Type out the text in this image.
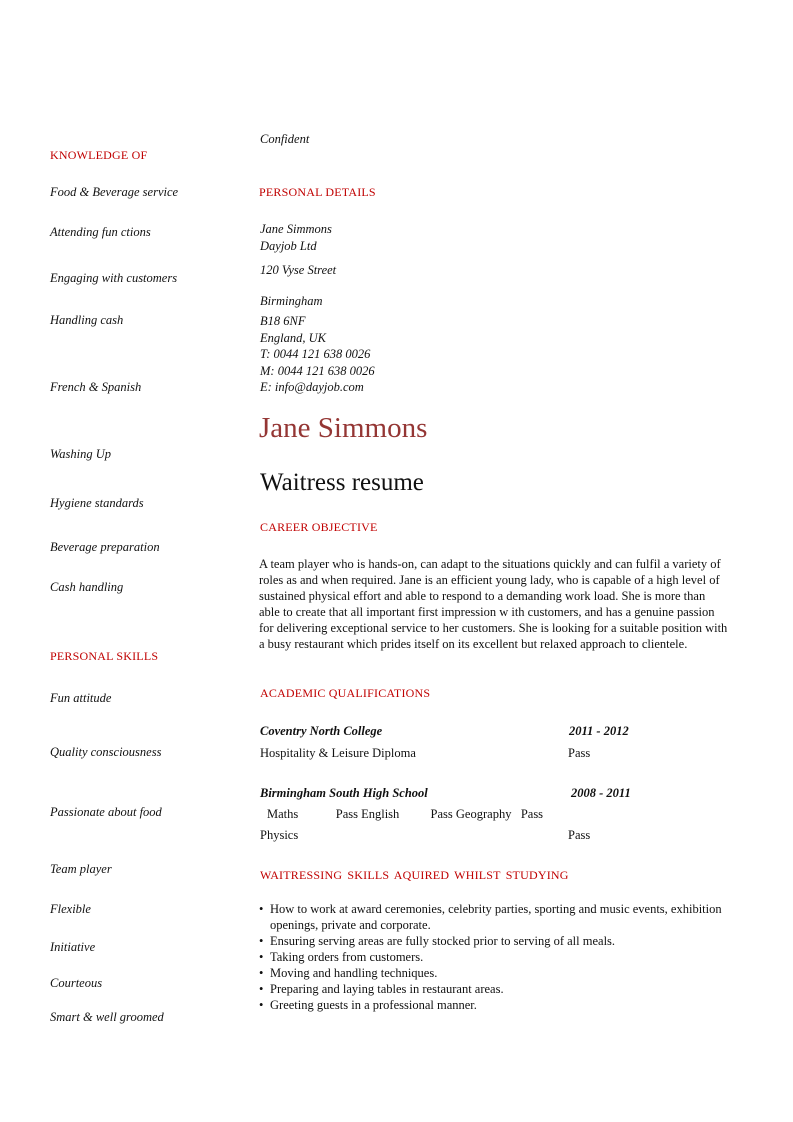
KNOWLEDGE OF
Food & Beverage service
Attending fun ctions
Engaging with customers
Handling cash
French & Spanish
Washing Up
Hygiene standards
Beverage preparation
Cash handling
PERSONAL SKILLS
Fun attitude
Quality consciousness
Passionate about food
Team player
Flexible
Initiative
Courteous
Smart & well groomed
Confident
PERSONAL DETAILS
Jane Simmons
Dayjob Ltd
120 Vyse Street
Birmingham
B18 6NF
England, UK
T: 0044 121 638 0026
M: 0044 121 638 0026
E: info@dayjob.com
Jane Simmons
Waitress resume
CAREER OBJECTIVE
A team player who is hands-on, can adapt to the situations quickly and can fulfil a variety of roles as and when required. Jane is an efficient young lady, who is capable of a high level of sustained physical effort and able to respond to a demanding work load. She is more than able to create that all important first impression w ith customers, and has a genuine passion for delivering exceptional service to her customers. She is looking for a suitable position with a busy restaurant which prides itself on its excellent but relaxed approach to clientele.
ACADEMIC QUALIFICATIONS
Coventry North College	2011 - 2012
Hospitality & Leisure Diploma	Pass
Birmingham South High School	2008 - 2011
Maths            Pass English          Pass Geography   Pass
Physics	Pass
WAITRESSING SKILLS AQUIRED WHILST STUDYING
• How to work at award ceremonies, celebrity parties, sporting and music events, exhibition openings, private and corporate.
• Ensuring serving areas are fully stocked prior to serving of all meals.
• Taking orders from customers.
• Moving and handling techniques.
• Preparing and laying tables in restaurant areas.
• Greeting guests in a professional manner.
